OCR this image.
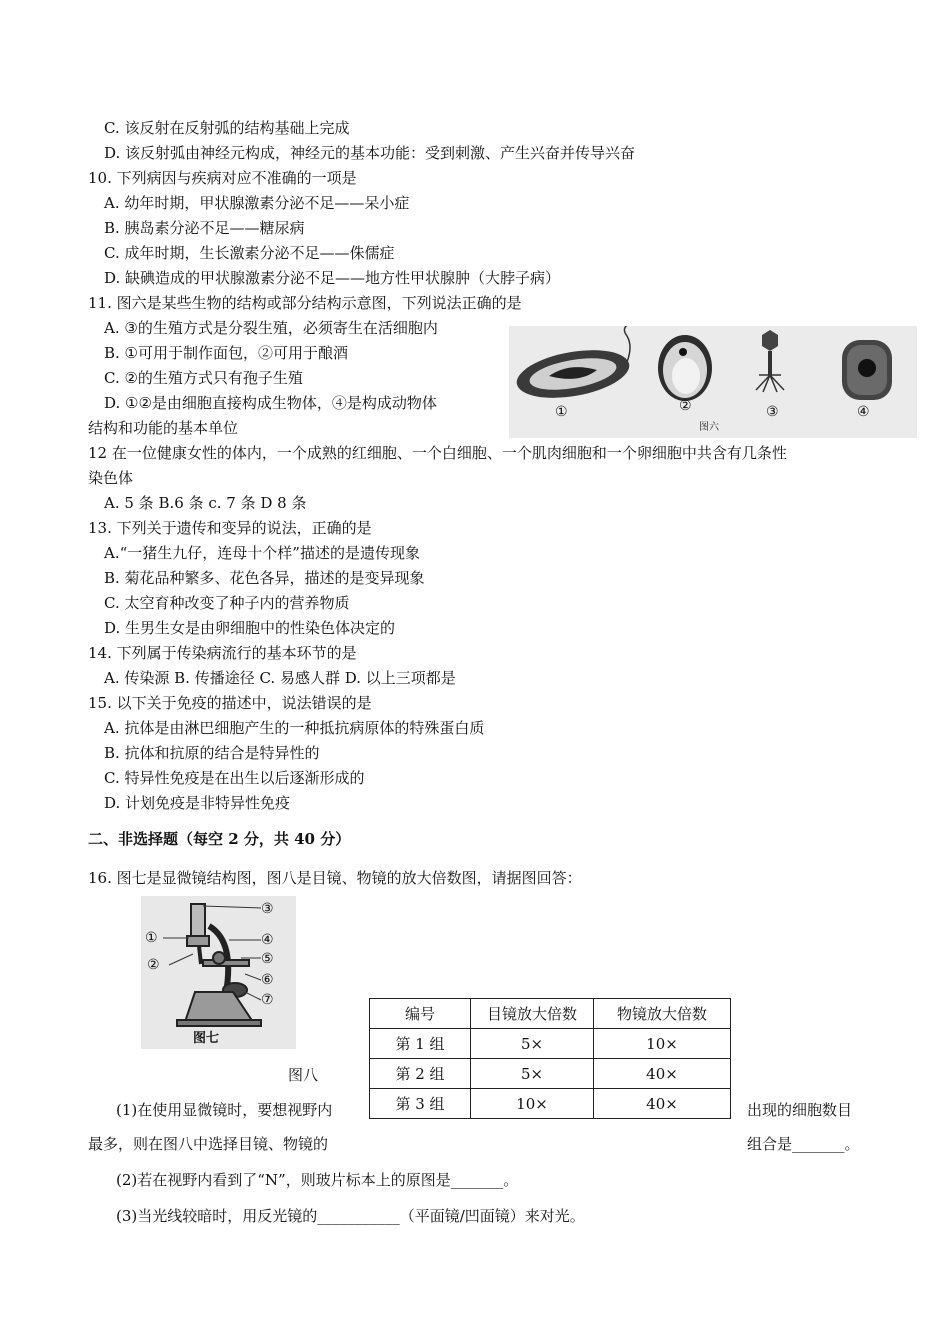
C. 该反射在反射弧的结构基础上完成
D. 该反射弧由神经元构成，神经元的基本功能：受到刺激、产生兴奋并传导兴奋
10. 下列病因与疾病对应不准确的一项是
A. 幼年时期，甲状腺激素分泌不足——呆小症
B. 胰岛素分泌不足——糖尿病
C. 成年时期，生长激素分泌不足——侏儒症
D. 缺碘造成的甲状腺激素分泌不足——地方性甲状腺肿（大脖子病）
11. 图六是某些生物的结构或部分结构示意图，下列说法正确的是
A. ③的生殖方式是分裂生殖，必须寄生在活细胞内
B. ①可用于制作面包，②可用于酿酒
C. ②的生殖方式只有孢子生殖
D. ①②是由细胞直接构成生物体，④是构成动物体
结构和功能的基本单位
①	②	③	④
图六
12 在一位健康女性的体内，一个成熟的红细胞、一个白细胞、一个肌肉细胞和一个卵细胞中共含有几条性
染色体
A. 5 条 B.6 条 c. 7 条 D 8 条
13. 下列关于遗传和变异的说法，正确的是
A.“一猪生九仔，连母十个样”描述的是遗传现象
B. 菊花品种繁多、花色各异，描述的是变异现象
C. 太空育种改变了种子内的营养物质
D. 生男生女是由卵细胞中的性染色体决定的
14. 下列属于传染病流行的基本环节的是
A. 传染源 B. 传播途径 C. 易感人群 D. 以上三项都是
15. 以下关于免疫的描述中，说法错误的是
A. 抗体是由淋巴细胞产生的一种抵抗病原体的特殊蛋白质
B. 抗体和抗原的结合是特异性的
C. 特异性免疫是在出生以后逐渐形成的
D. 计划免疫是非特异性免疫
二、非选择题（每空 2 分，共 40 分）
16. 图七是显微镜结构图，图八是目镜、物镜的放大倍数图，请据图回答：
③
①
②
④
⑤
⑥
⑦
图七
编号	目镜放大倍数	物镜放大倍数
第 1 组	5×	10×
第 2 组	5×	40×
第 3 组	10×	40×
图八
(1)在使用显微镜时，要想视野内	出现的细胞数目
最多，则在图八中选择目镜、物镜的	组合是_______。
(2)若在视野内看到了“N”，则玻片标本上的原图是_______。
(3)当光线较暗时，用反光镜的___________（平面镜/凹面镜）来对光。
